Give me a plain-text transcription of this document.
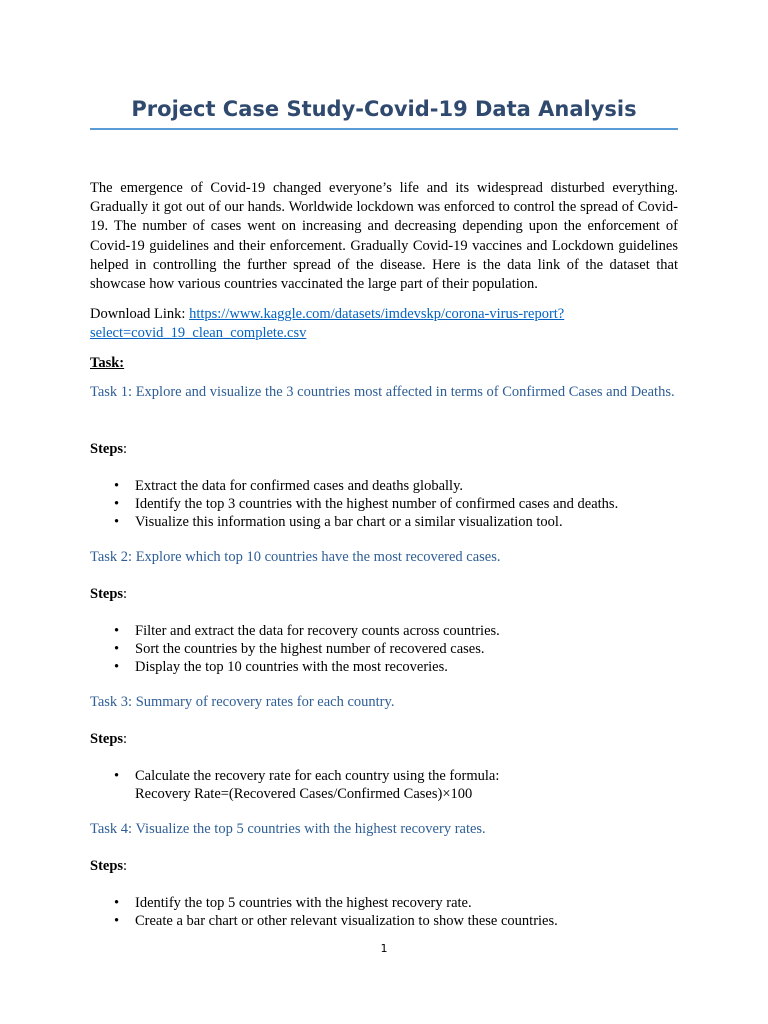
Project Case Study-Covid-19 Data Analysis
The emergence of Covid-19 changed everyone’s life and its widespread disturbed everything. Gradually it got out of our hands. Worldwide lockdown was enforced to control the spread of Covid-19. The number of cases went on increasing and decreasing depending upon the enforcement of Covid-19 guidelines and their enforcement. Gradually Covid-19 vaccines and Lockdown guidelines helped in controlling the further spread of the disease. Here is the data link of the dataset that showcase how various countries vaccinated the large part of their population.
Download Link: https://www.kaggle.com/datasets/imdevskp/corona-virus-report?
select=covid_19_clean_complete.csv
Task:
Task 1: Explore and visualize the 3 countries most affected in terms of Confirmed Cases and Deaths.
Steps:
• Extract the data for confirmed cases and deaths globally.
• Identify the top 3 countries with the highest number of confirmed cases and deaths.
• Visualize this information using a bar chart or a similar visualization tool.
Task 2: Explore which top 10 countries have the most recovered cases.
Steps:
• Filter and extract the data for recovery counts across countries.
• Sort the countries by the highest number of recovered cases.
• Display the top 10 countries with the most recoveries.
Task 3: Summary of recovery rates for each country.
Steps:
• Calculate the recovery rate for each country using the formula:
Recovery Rate=(Recovered Cases/Confirmed Cases)×100
Task 4: Visualize the top 5 countries with the highest recovery rates.
Steps:
• Identify the top 5 countries with the highest recovery rate.
• Create a bar chart or other relevant visualization to show these countries.
1
